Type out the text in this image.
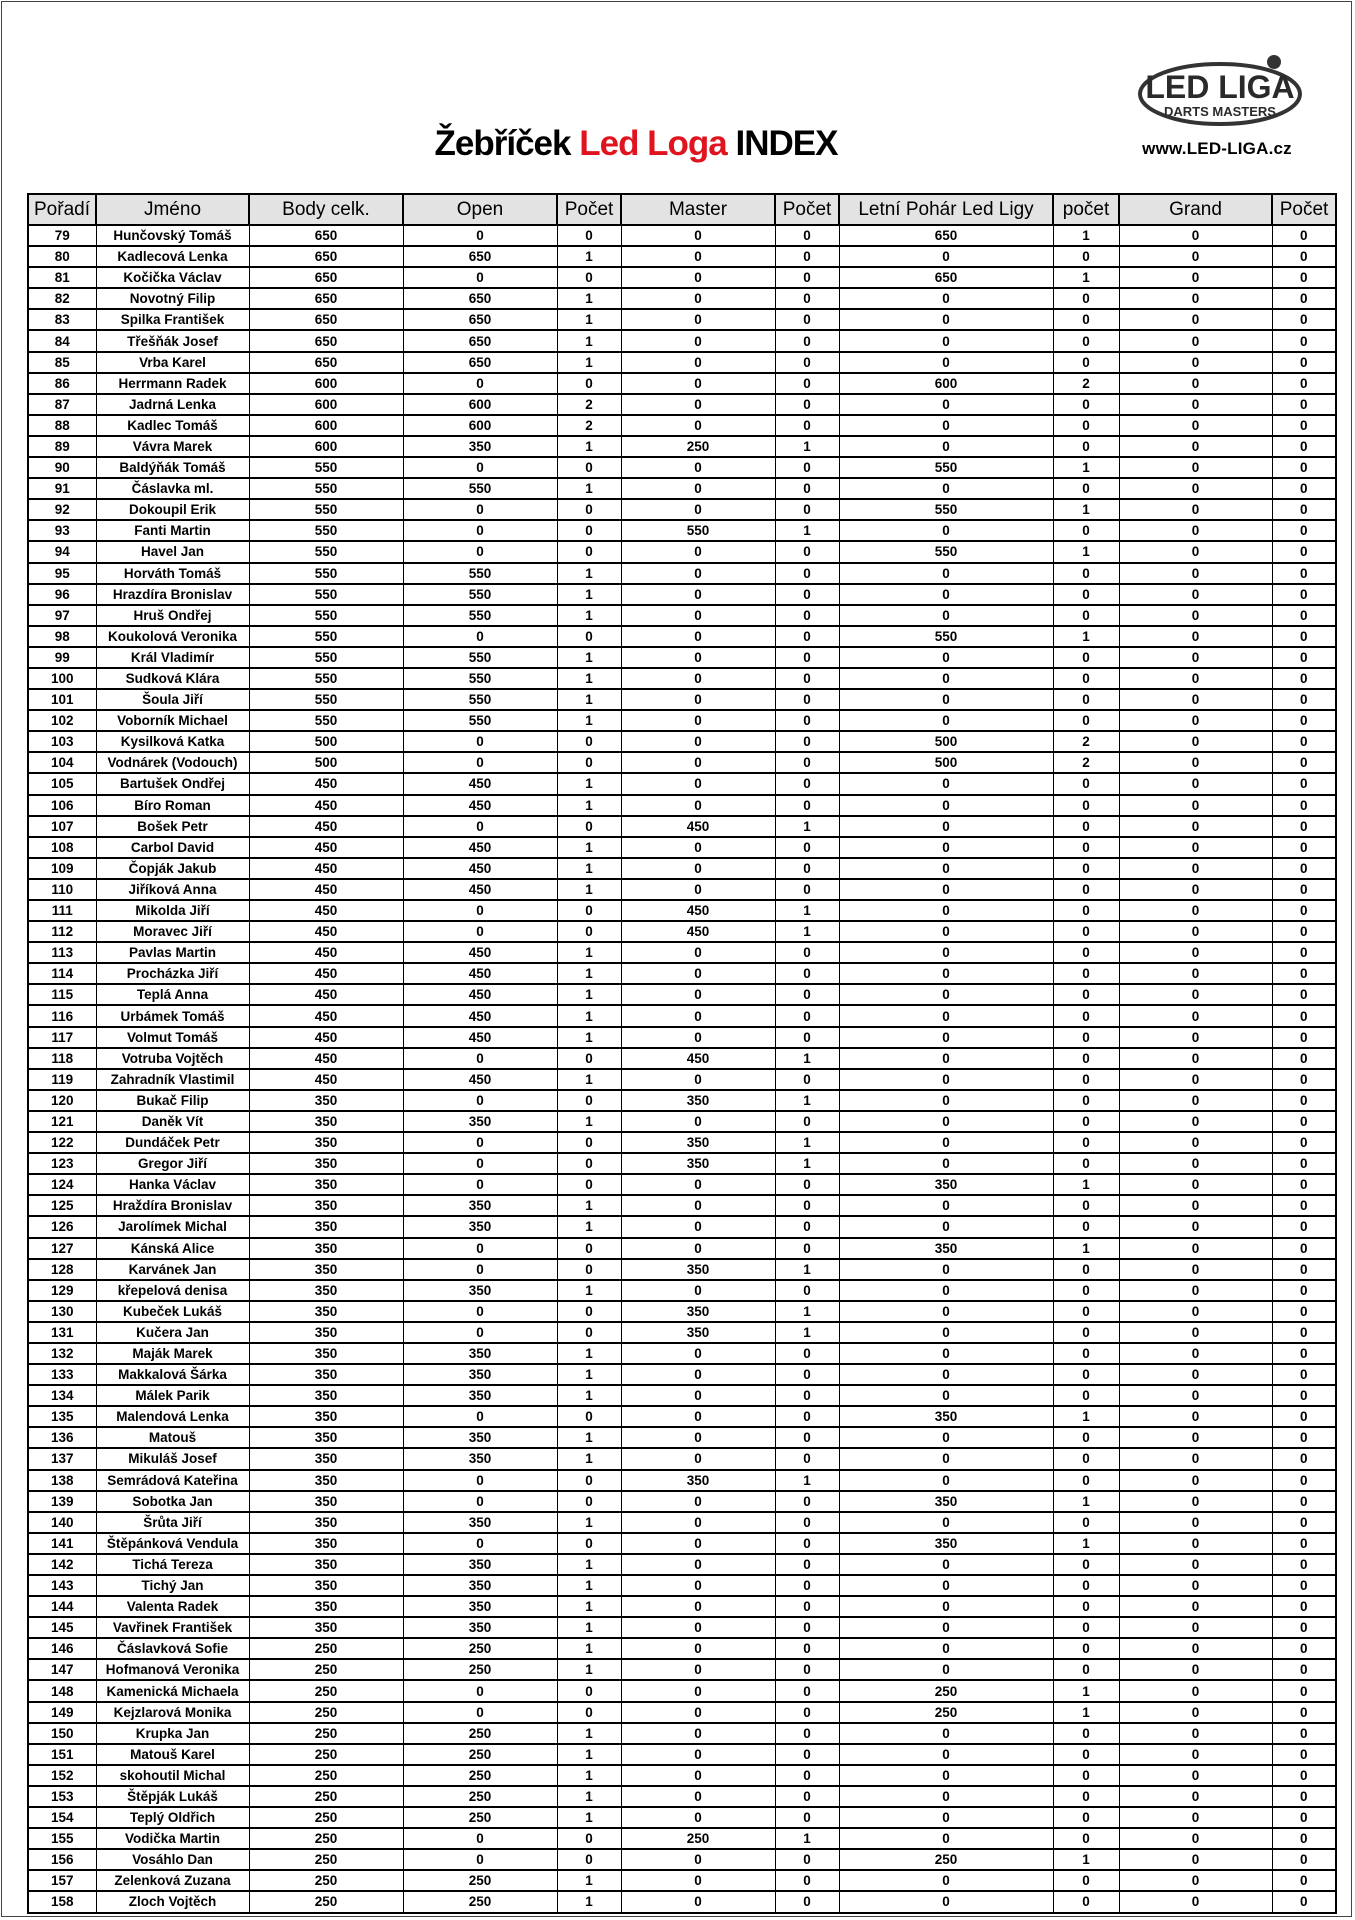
Žebříček Led Loga INDEX
LED LIGA
DARTS MASTERS
www.LED-LIGA.cz
Pořadí	Jméno	Body celk.	Open	Počet	Master	Počet	Letní Pohár Led Ligy	počet	Grand	Počet
79	Hunčovský Tomáš	650	0	0	0	0	650	1	0	0
80	Kadlecová Lenka	650	650	1	0	0	0	0	0	0
81	Kočička Václav	650	0	0	0	0	650	1	0	0
82	Novotný Filip	650	650	1	0	0	0	0	0	0
83	Spilka František	650	650	1	0	0	0	0	0	0
84	Třešňák Josef	650	650	1	0	0	0	0	0	0
85	Vrba Karel	650	650	1	0	0	0	0	0	0
86	Herrmann Radek	600	0	0	0	0	600	2	0	0
87	Jadrná Lenka	600	600	2	0	0	0	0	0	0
88	Kadlec Tomáš	600	600	2	0	0	0	0	0	0
89	Vávra Marek	600	350	1	250	1	0	0	0	0
90	Baldýňák Tomáš	550	0	0	0	0	550	1	0	0
91	Čáslavka ml.	550	550	1	0	0	0	0	0	0
92	Dokoupil Erik	550	0	0	0	0	550	1	0	0
93	Fanti Martin	550	0	0	550	1	0	0	0	0
94	Havel Jan	550	0	0	0	0	550	1	0	0
95	Horváth Tomáš	550	550	1	0	0	0	0	0	0
96	Hrazdíra Bronislav	550	550	1	0	0	0	0	0	0
97	Hruš Ondřej	550	550	1	0	0	0	0	0	0
98	Koukolová Veronika	550	0	0	0	0	550	1	0	0
99	Král Vladimír	550	550	1	0	0	0	0	0	0
100	Sudková Klára	550	550	1	0	0	0	0	0	0
101	Šoula Jiří	550	550	1	0	0	0	0	0	0
102	Voborník Michael	550	550	1	0	0	0	0	0	0
103	Kysilková Katka	500	0	0	0	0	500	2	0	0
104	Vodnárek (Vodouch)	500	0	0	0	0	500	2	0	0
105	Bartušek Ondřej	450	450	1	0	0	0	0	0	0
106	Bíro Roman	450	450	1	0	0	0	0	0	0
107	Bošek Petr	450	0	0	450	1	0	0	0	0
108	Carbol David	450	450	1	0	0	0	0	0	0
109	Čopják Jakub	450	450	1	0	0	0	0	0	0
110	Jiříková Anna	450	450	1	0	0	0	0	0	0
111	Mikolda Jiří	450	0	0	450	1	0	0	0	0
112	Moravec Jiří	450	0	0	450	1	0	0	0	0
113	Pavlas Martin	450	450	1	0	0	0	0	0	0
114	Procházka Jiří	450	450	1	0	0	0	0	0	0
115	Teplá Anna	450	450	1	0	0	0	0	0	0
116	Urbámek Tomáš	450	450	1	0	0	0	0	0	0
117	Volmut Tomáš	450	450	1	0	0	0	0	0	0
118	Votruba Vojtěch	450	0	0	450	1	0	0	0	0
119	Zahradník Vlastimil	450	450	1	0	0	0	0	0	0
120	Bukač Filip	350	0	0	350	1	0	0	0	0
121	Daněk Vít	350	350	1	0	0	0	0	0	0
122	Dundáček Petr	350	0	0	350	1	0	0	0	0
123	Gregor Jiří	350	0	0	350	1	0	0	0	0
124	Hanka Václav	350	0	0	0	0	350	1	0	0
125	Hraždíra Bronislav	350	350	1	0	0	0	0	0	0
126	Jarolímek Michal	350	350	1	0	0	0	0	0	0
127	Kánská Alice	350	0	0	0	0	350	1	0	0
128	Karvánek Jan	350	0	0	350	1	0	0	0	0
129	křepelová denisa	350	350	1	0	0	0	0	0	0
130	Kubeček Lukáš	350	0	0	350	1	0	0	0	0
131	Kučera Jan	350	0	0	350	1	0	0	0	0
132	Maják Marek	350	350	1	0	0	0	0	0	0
133	Makkalová Šárka	350	350	1	0	0	0	0	0	0
134	Málek Parik	350	350	1	0	0	0	0	0	0
135	Malendová Lenka	350	0	0	0	0	350	1	0	0
136	Matouš	350	350	1	0	0	0	0	0	0
137	Mikuláš Josef	350	350	1	0	0	0	0	0	0
138	Semrádová Kateřina	350	0	0	350	1	0	0	0	0
139	Sobotka Jan	350	0	0	0	0	350	1	0	0
140	Šrůta Jiří	350	350	1	0	0	0	0	0	0
141	Štěpánková Vendula	350	0	0	0	0	350	1	0	0
142	Tichá Tereza	350	350	1	0	0	0	0	0	0
143	Tichý Jan	350	350	1	0	0	0	0	0	0
144	Valenta Radek	350	350	1	0	0	0	0	0	0
145	Vavřinek František	350	350	1	0	0	0	0	0	0
146	Čáslavková Sofie	250	250	1	0	0	0	0	0	0
147	Hofmanová Veronika	250	250	1	0	0	0	0	0	0
148	Kamenická Michaela	250	0	0	0	0	250	1	0	0
149	Kejzlarová Monika	250	0	0	0	0	250	1	0	0
150	Krupka Jan	250	250	1	0	0	0	0	0	0
151	Matouš Karel	250	250	1	0	0	0	0	0	0
152	skohoutil Michal	250	250	1	0	0	0	0	0	0
153	Štěpják Lukáš	250	250	1	0	0	0	0	0	0
154	Teplý Oldřich	250	250	1	0	0	0	0	0	0
155	Vodička Martin	250	0	0	250	1	0	0	0	0
156	Vosáhlo Dan	250	0	0	0	0	250	1	0	0
157	Zelenková Zuzana	250	250	1	0	0	0	0	0	0
158	Zloch Vojtěch	250	250	1	0	0	0	0	0	0
